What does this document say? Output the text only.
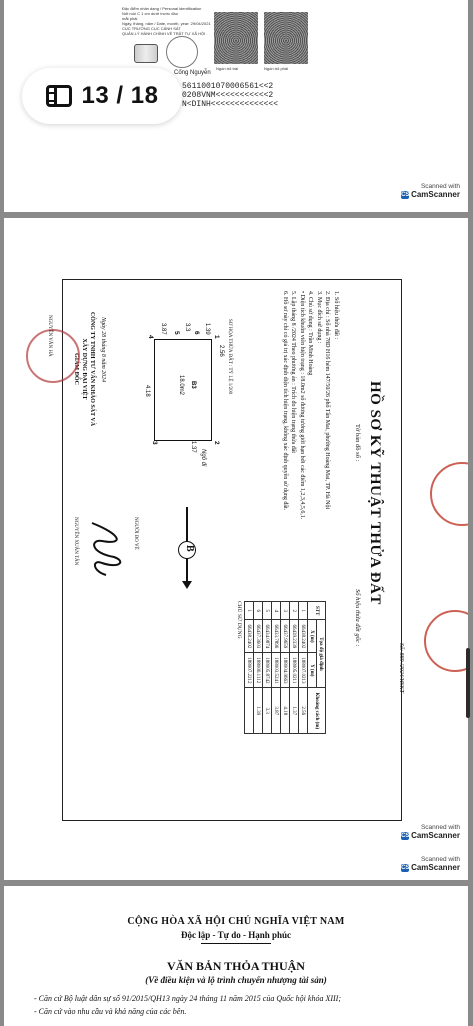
Đặc điểm nhân dạng / Personal identification
Nốt ruồi C 1 cm dưới trước đầu
mắt phải
Ngày, tháng, năm / Date, month, year: 29/04/2021
CỤC TRƯỞNG CỤC CẢNH SÁT
QUẢN LÝ HÀNH CHÍNH VỀ TRẬT TỰ XÃ HỘI
Ngón trỏ trái	Ngón trỏ phải
Cống Nguyễn
5611001070006561<<2
0208VNM<<<<<<<<<<<2
N<DINH<<<<<<<<<<<<<<
Scanned with
CS CamScanner
13 / 18
Số: 889 /2024/HSKT
HỒ SƠ KỸ THUẬT THỬA ĐẤT
Tờ bản đồ số :
Số hiệu thửa đất gốc :
1. Số hiệu thửa đất :
2. Địa chỉ : Số nhà 78D H16 hẻm 147/50/26 phố Tân Mai, phường Hoàng Mai, TP. Hà Nội
3. Mục đích sử dụng :
4. Chủ sử dụng : Trần Minh Hoàng
• Diện tích khuôn viên hiện trạng : 18.0m2 số đương tương giới hạn bởi các điểm 1,2,3,4,5,6,1.
5. Lập tháng 8 /2024 Theo phương án : Trích đo hiện trạng thửa đất
6. Hồ sơ này chỉ có giá trị xác định diện tích hiện trạng, không xác định quyền sử dụng đất.
STT	Tọa độ giả định		Khoảng cách (m)
	X (m)	Y (m)	
1	66438.2402	188007.0213	2.56
2	66439.2339	188005.0211	1.37
3	66437.9659	188004.0663	4.18
4	66433.7896	188003.5241	3.87
5	66434.0874	188005.8742	3.3
6	66437.3603	188006.1112	1.39
1	66438.2402	188007.2212	
CHỦ SỬ DỤNG
SƠ HỌA THỬA ĐẤT : TỶ LỆ 1/200
B3
18.0m2
Ngõ đi
2.56
1.37
4.18
3.87	3.3 1.39
1
2
3
4
5 6
B
NGƯỜI ĐO VẼ
NGUYỄN XUÂN TÂN
Ngày 28 tháng 8 năm 2024
CÔNG TY TNHH TƯ VẤN KHẢO SÁT VÀ
XÂY DỰNG ĐẠI VIỆT
GIÁM ĐỐC
NGUYỄN VĂN HÀ
Scanned with
CS CamScanner
Scanned with
CS CamScanner
CỘNG HÒA XÃ HỘI CHỦ NGHĨA VIỆT NAM
Độc lập - Tự do - Hạnh phúc
VĂN BẢN THỎA THUẬN
(Về điều kiện và lộ trình chuyển nhượng tài sản)
- Căn cứ Bộ luật dân sự số 91/2015/QH13 ngày 24 tháng 11 năm 2015 của Quốc hội khóa XIII;
- Căn cứ vào nhu cầu và khả năng của các bên.
